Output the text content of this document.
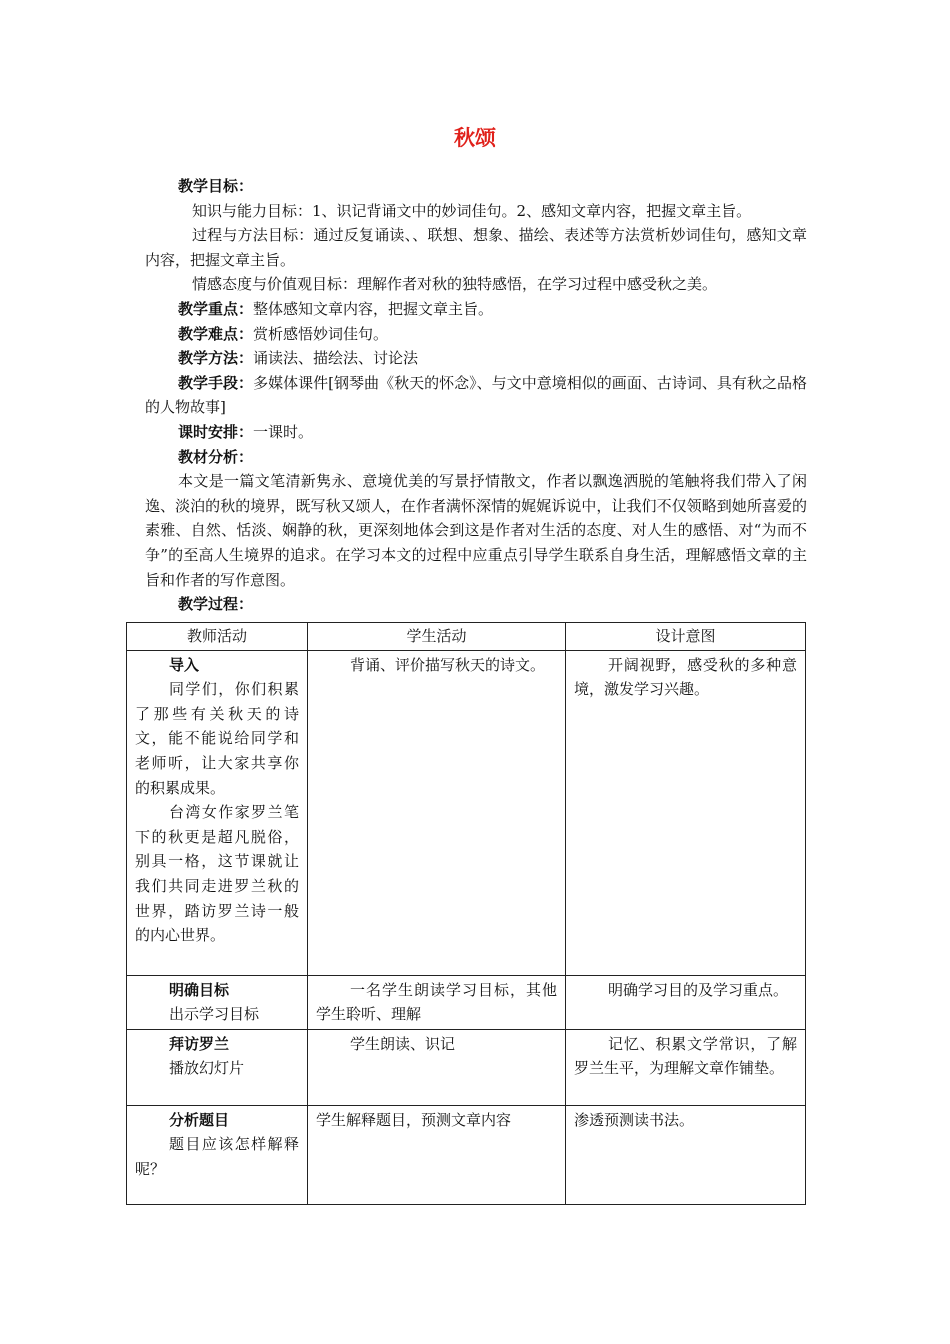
秋颂

教学目标：

知识与能力目标：1、识记背诵文中的妙词佳句。2、感知文章内容，把握文章主旨。

过程与方法目标：通过反复诵读、、联想、想象、描绘、表述等方法赏析妙词佳句，感知文章内容，把握文章主旨。

情感态度与价值观目标：理解作者对秋的独特感悟，在学习过程中感受秋之美。

教学重点：整体感知文章内容，把握文章主旨。

教学难点：赏析感悟妙词佳句。

教学方法：诵读法、描绘法、讨论法

教学手段：多媒体课件[钢琴曲《秋天的怀念》、与文中意境相似的画面、古诗词、具有秋之品格的人物故事]

课时安排：一课时。

教材分析：

本文是一篇文笔清新隽永、意境优美的写景抒情散文，作者以飘逸洒脱的笔触将我们带入了闲逸、淡泊的秋的境界，既写秋又颂人，在作者满怀深情的娓娓诉说中，让我们不仅领略到她所喜爱的素雅、自然、恬淡、娴静的秋，更深刻地体会到这是作者对生活的态度、对人生的感悟、对“为而不争”的至高人生境界的追求。在学习本文的过程中应重点引导学生联系自身生活，理解感悟文章的主旨和作者的写作意图。

教学过程：

教师活动	学生活动	设计意图

导入

同学们，你们积累了那些有关秋天的诗文，能不能说给同学和老师听，让大家共享你的积累成果。

台湾女作家罗兰笔下的秋更是超凡脱俗，别具一格，这节课就让我们共同走进罗兰秋的世界，踏访罗兰诗一般的内心世界。	背诵、评价描写秋天的诗文。	开阔视野，感受秋的多种意境，激发学习兴趣。

明确目标

出示学习目标	一名学生朗读学习目标，其他学生聆听、理解	明确学习目的及学习重点。

拜访罗兰

播放幻灯片	学生朗读、识记	记忆、积累文学常识，了解罗兰生平，为理解文章作铺垫。

分析题目

题目应该怎样解释呢？	学生解释题目，预测文章内容	渗透预测读书法。
